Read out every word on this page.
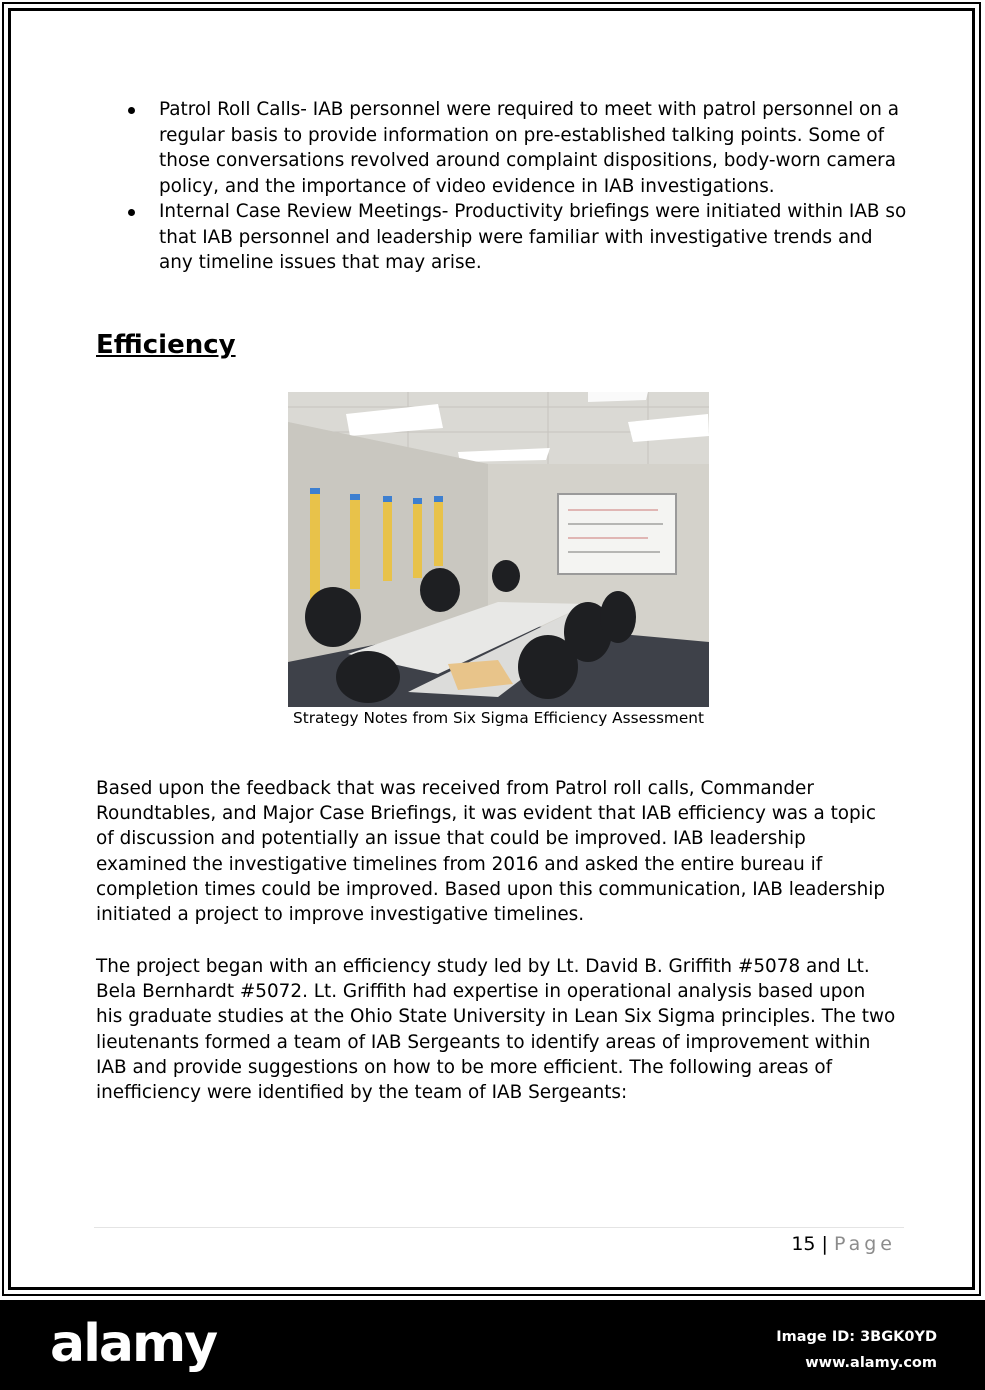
Patrol Roll Calls- IAB personnel were required to meet with patrol personnel on a regular basis to provide information on pre-established talking points. Some of those conversations revolved around complaint dispositions, body-worn camera policy, and the importance of video evidence in IAB investigations.
Internal Case Review Meetings- Productivity briefings were initiated within IAB so that IAB personnel and leadership were familiar with investigative trends and any timeline issues that may arise.
Efficiency
Strategy Notes from Six Sigma Efficiency Assessment

Based upon the feedback that was received from Patrol roll calls, Commander Roundtables, and Major Case Briefings, it was evident that IAB efficiency was a topic of discussion and potentially an issue that could be improved. IAB leadership examined the investigative timelines from 2016 and asked the entire bureau if completion times could be improved. Based upon this communication, IAB leadership initiated a project to improve investigative timelines.

The project began with an efficiency study led by Lt. David B. Griffith #5078 and Lt. Bela Bernhardt #5072. Lt. Griffith had expertise in operational analysis based upon his graduate studies at the Ohio State University in Lean Six Sigma principles. The two lieutenants formed a team of IAB Sergeants to identify areas of improvement within IAB and provide suggestions on how to be more efficient. The following areas of inefficiency were identified by the team of IAB Sergeants:

15 | Page
alamy	Image ID: 3BGK0YD
www.alamy.com
